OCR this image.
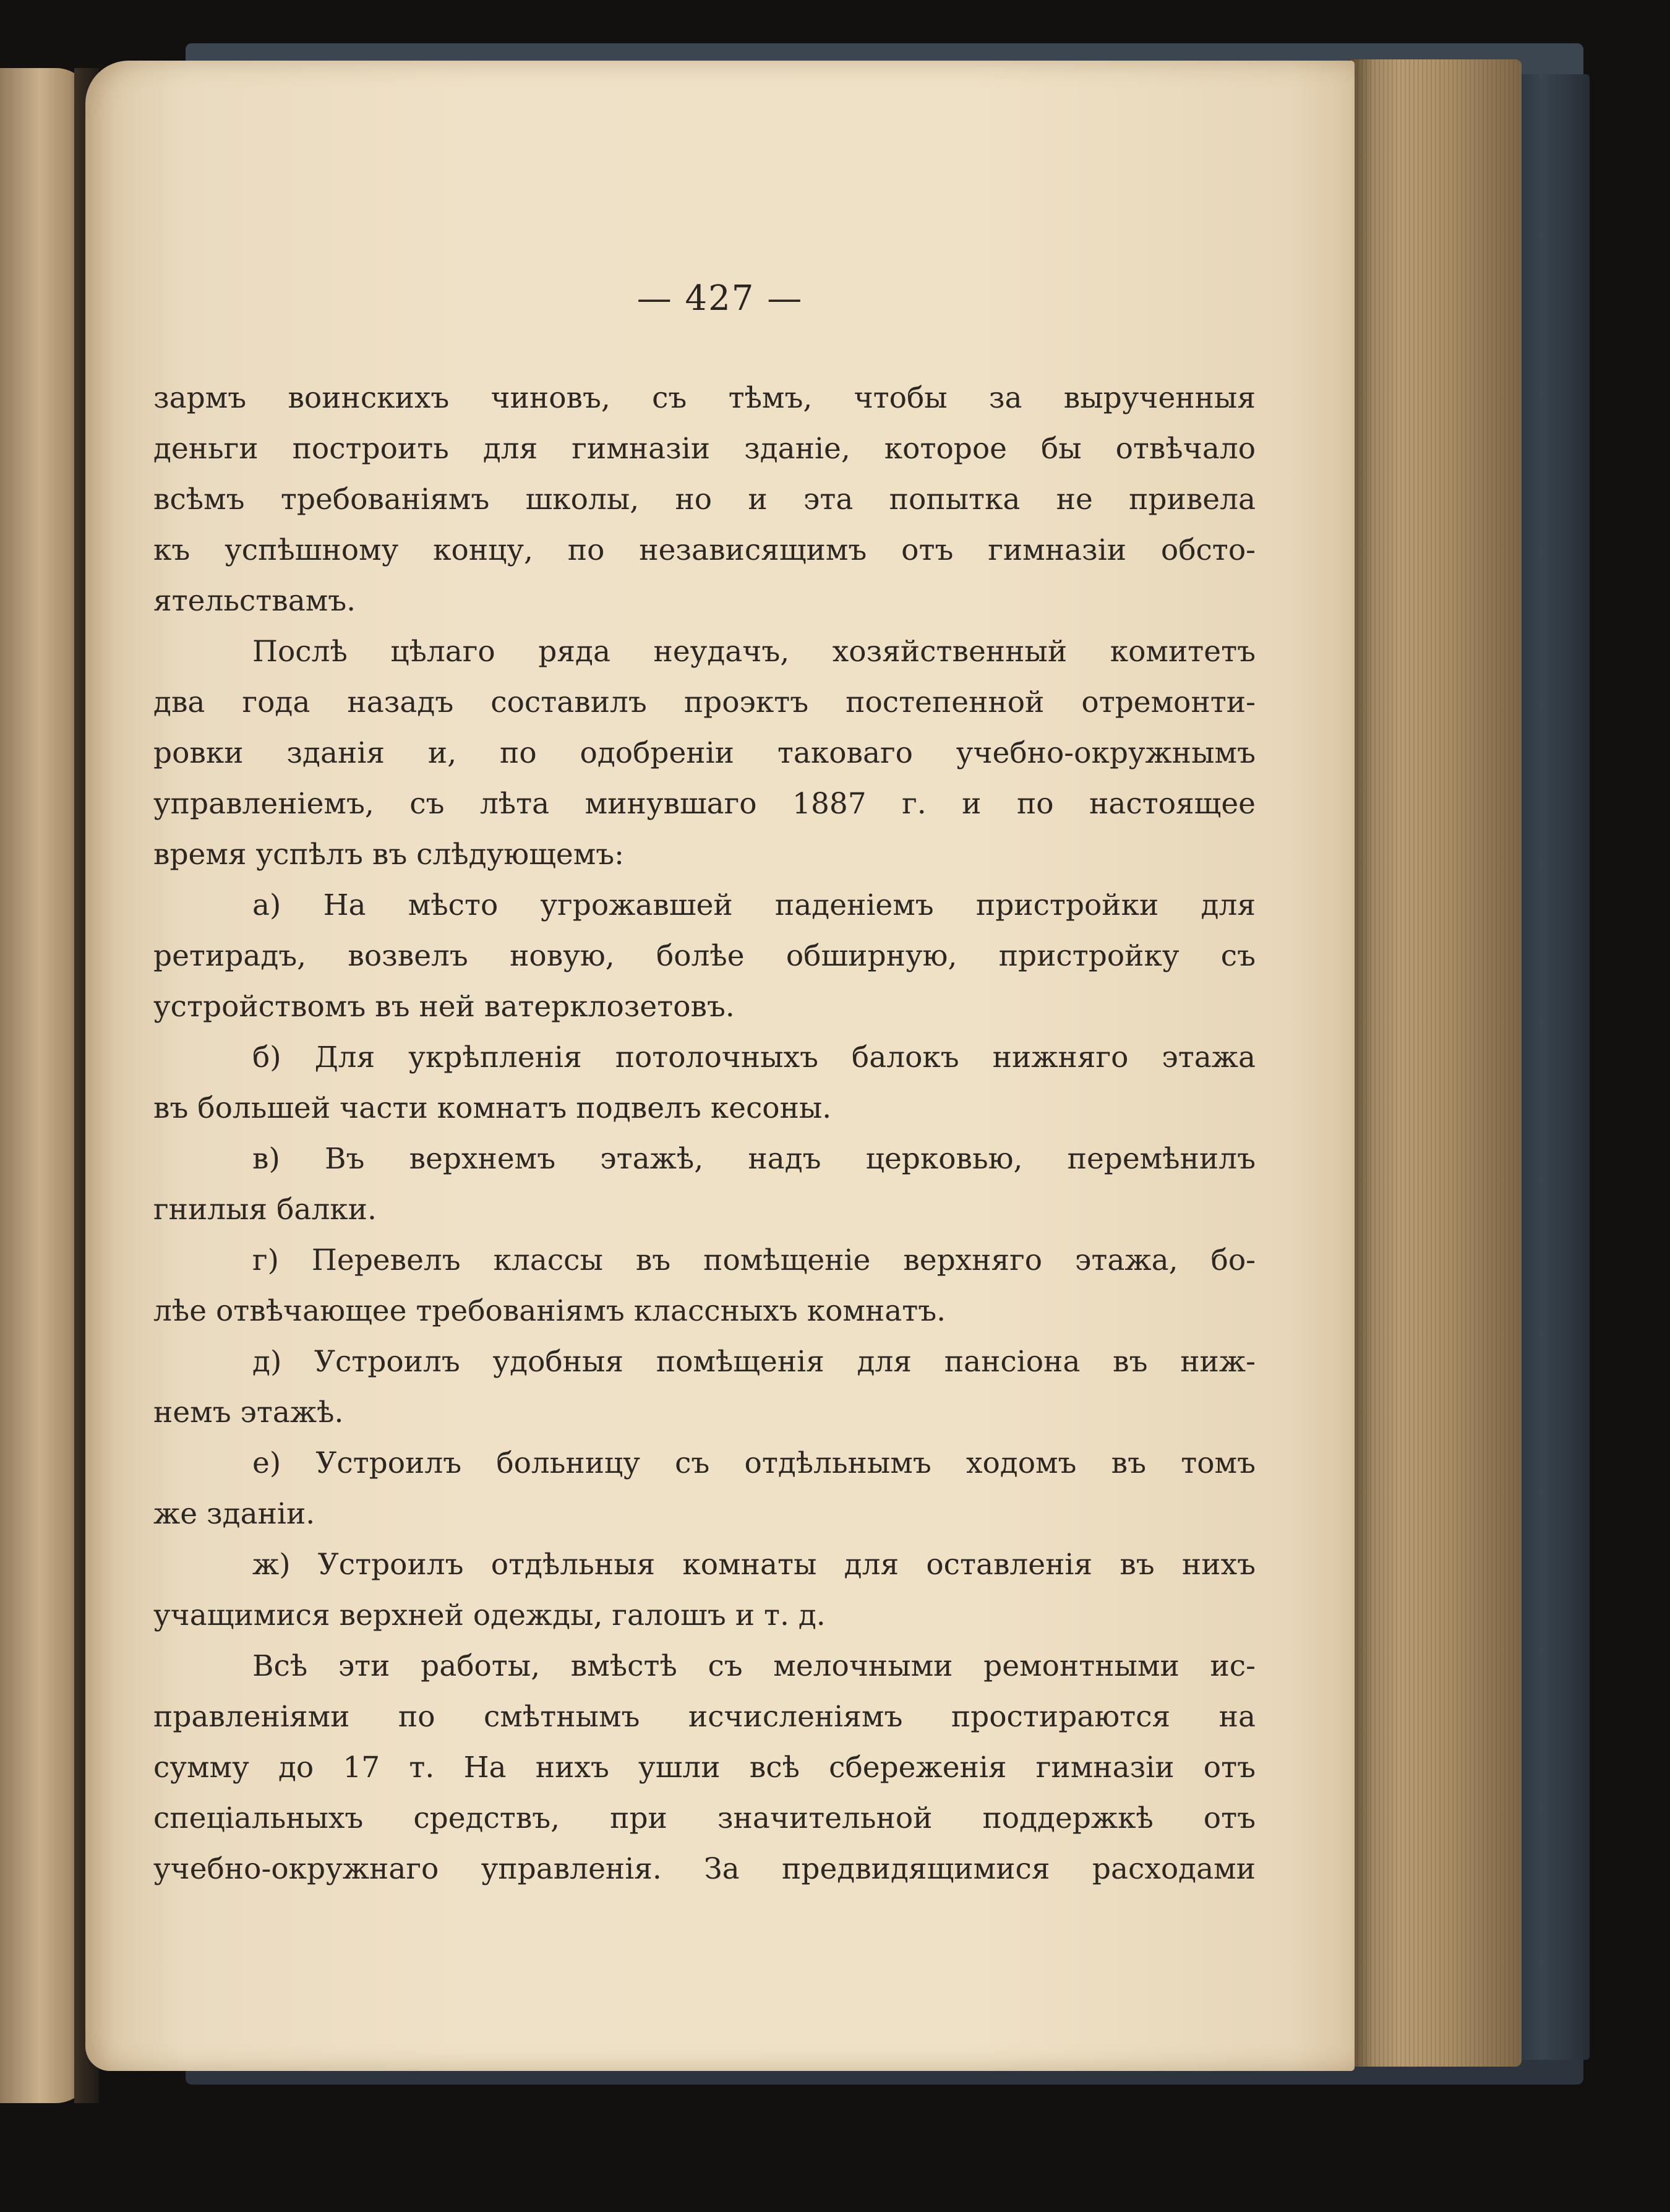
— 427 —

зармъ воинскихъ чиновъ, съ тѣмъ, чтобы за вырученныя
деньги построить для гимназіи зданіе, которое бы отвѣчало
всѣмъ требованіямъ школы, но и эта попытка не привела
къ успѣшному концу, по независящимъ отъ гимназіи обсто-
ятельствамъ.
Послѣ цѣлаго ряда неудачъ, хозяйственный комитетъ
два года назадъ составилъ проэктъ постепенной отремонти-
ровки зданія и, по одобреніи таковаго учебно-окружнымъ
управленіемъ, съ лѣта минувшаго 1887 г. и по настоящее
время успѣлъ въ слѣдующемъ:
а) На мѣсто угрожавшей паденіемъ пристройки для
ретирадъ, возвелъ новую, болѣе обширную, пристройку съ
устройствомъ въ ней ватерклозетовъ.
б) Для укрѣпленія потолочныхъ балокъ нижняго этажа
въ большей части комнатъ подвелъ кесоны.
в) Въ верхнемъ этажѣ, надъ церковью, перемѣнилъ
гнилыя балки.
г) Перевелъ классы въ помѣщеніе верхняго этажа, бо-
лѣе отвѣчающее требованіямъ классныхъ комнатъ.
д) Устроилъ удобныя помѣщенія для пансіона въ ниж-
немъ этажѣ.
е) Устроилъ больницу съ отдѣльнымъ ходомъ въ томъ
же зданіи.
ж) Устроилъ отдѣльныя комнаты для оставленія въ нихъ
учащимися верхней одежды, галошъ и т. д.
Всѣ эти работы, вмѣстѣ съ мелочными ремонтными ис-
правленіями по смѣтнымъ исчисленіямъ простираются на
сумму до 17 т. На нихъ ушли всѣ сбереженія гимназіи отъ
спеціальныхъ средствъ, при значительной поддержкѣ отъ
учебно-окружнаго управленія. За предвидящимися расходами
